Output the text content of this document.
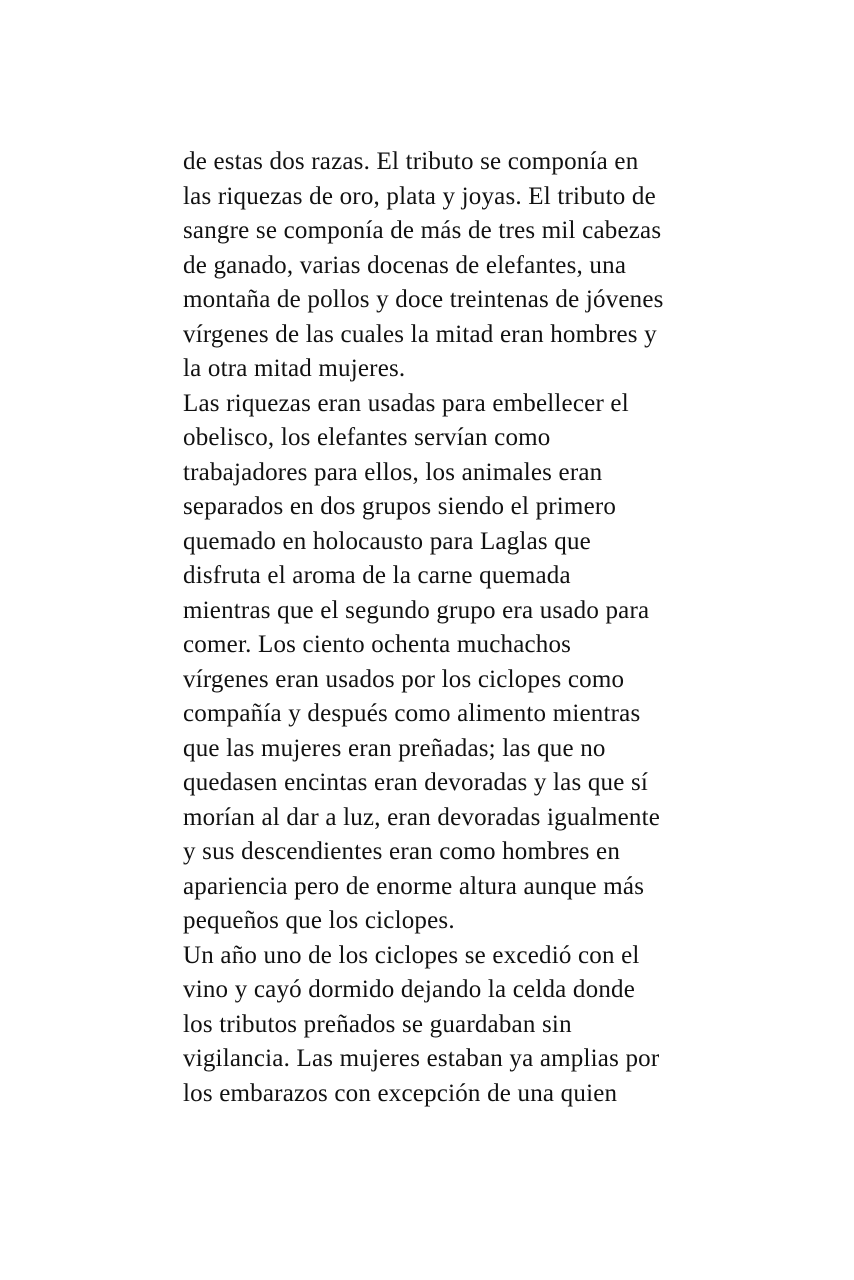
de estas dos razas. El tributo se componía en
las riquezas de oro, plata y joyas. El tributo de
sangre se componía de más de tres mil cabezas
de ganado, varias docenas de elefantes, una
montaña de pollos y doce treintenas de jóvenes
vírgenes de las cuales la mitad eran hombres y
la otra mitad mujeres.
Las riquezas eran usadas para embellecer el
obelisco, los elefantes servían como
trabajadores para ellos, los animales eran
separados en dos grupos siendo el primero
quemado en holocausto para Laglas que
disfruta el aroma de la carne quemada
mientras que el segundo grupo era usado para
comer. Los ciento ochenta muchachos
vírgenes eran usados por los ciclopes como
compañía y después como alimento mientras
que las mujeres eran preñadas; las que no
quedasen encintas eran devoradas y las que sí
morían al dar a luz, eran devoradas igualmente
y sus descendientes eran como hombres en
apariencia pero de enorme altura aunque más
pequeños que los ciclopes.
Un año uno de los ciclopes se excedió con el
vino y cayó dormido dejando la celda donde
los tributos preñados se guardaban sin
vigilancia. Las mujeres estaban ya amplias por
los embarazos con excepción de una quien
